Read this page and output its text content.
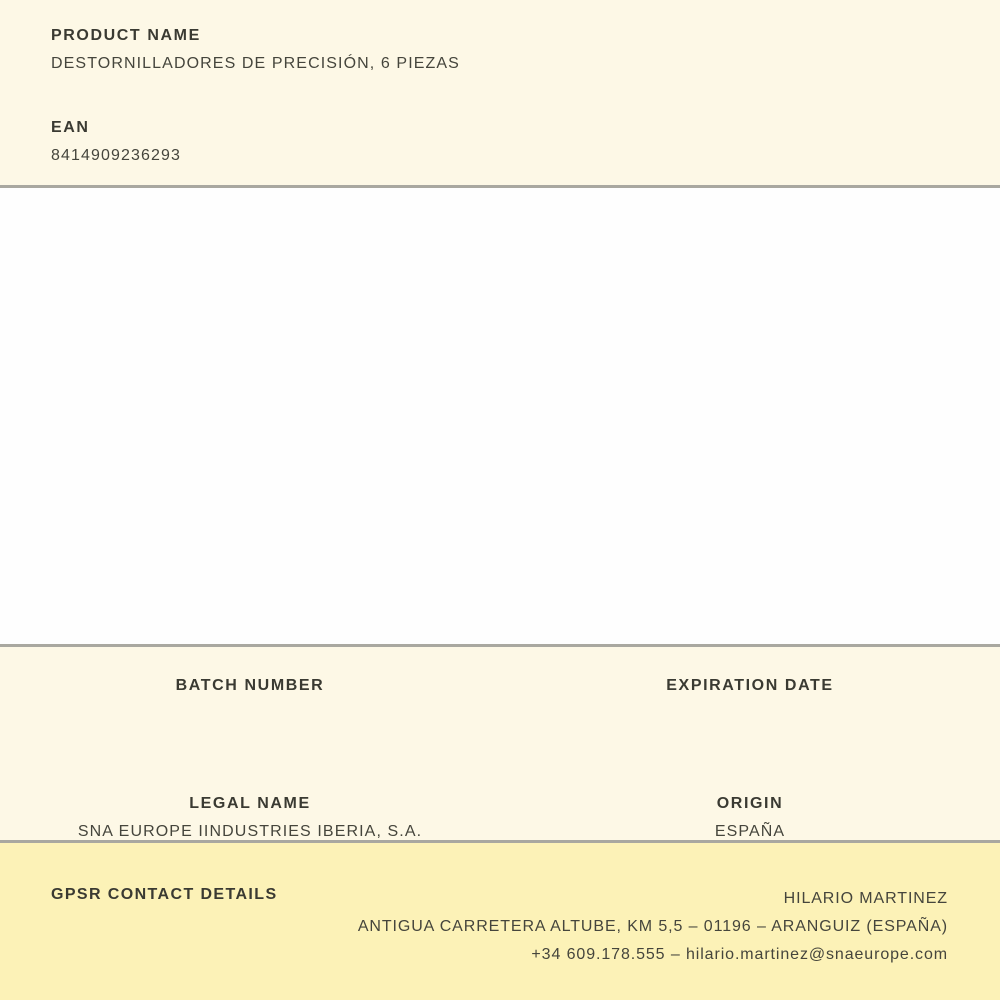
PRODUCT NAME
DESTORNILLADORES DE PRECISIÓN, 6 PIEZAS
EAN
8414909236293
BATCH NUMBER
LEGAL NAME
SNA EUROPE IINDUSTRIES IBERIA, S.A.
EXPIRATION DATE
ORIGIN
ESPAÑA
GPSR CONTACT DETAILS	HILARIO MARTINEZ
ANTIGUA CARRETERA ALTUBE, KM 5,5 – 01196 – ARANGUIZ (ESPAÑA)
+34 609.178.555 – hilario.martinez@snaeurope.com
